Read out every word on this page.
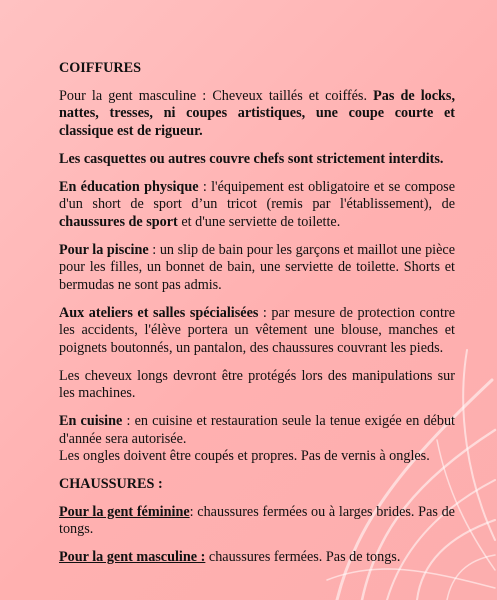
COIFFURES

Pour la gent masculine : Cheveux taillés et coiffés. Pas de locks, nattes, tresses, ni coupes artistiques, une coupe courte et classique est de rigueur.

Les casquettes ou autres couvre chefs sont strictement interdits.

En éducation physique : l'équipement est obligatoire et se compose d'un short de sport d’un tricot (remis par l'établissement), de chaussures de sport et d'une serviette de toilette.

Pour la piscine : un slip de bain pour les garçons et maillot une pièce pour les filles, un bonnet de bain, une serviette de toilette. Shorts et bermudas ne sont pas admis.

Aux ateliers et salles spécialisées : par mesure de protection contre les accidents, l'élève portera un vêtement une blouse, manches et poignets boutonnés, un pantalon, des chaussures couvrant les pieds.

Les cheveux longs devront être protégés lors des manipulations sur les machines.

En cuisine : en cuisine et restauration seule la tenue exigée en début d'année sera autorisée.

Les ongles doivent être coupés et propres. Pas de vernis à ongles.

CHAUSSURES :

Pour la gent féminine: chaussures fermées ou à larges brides. Pas de tongs.

Pour la gent masculine : chaussures fermées. Pas de tongs.
